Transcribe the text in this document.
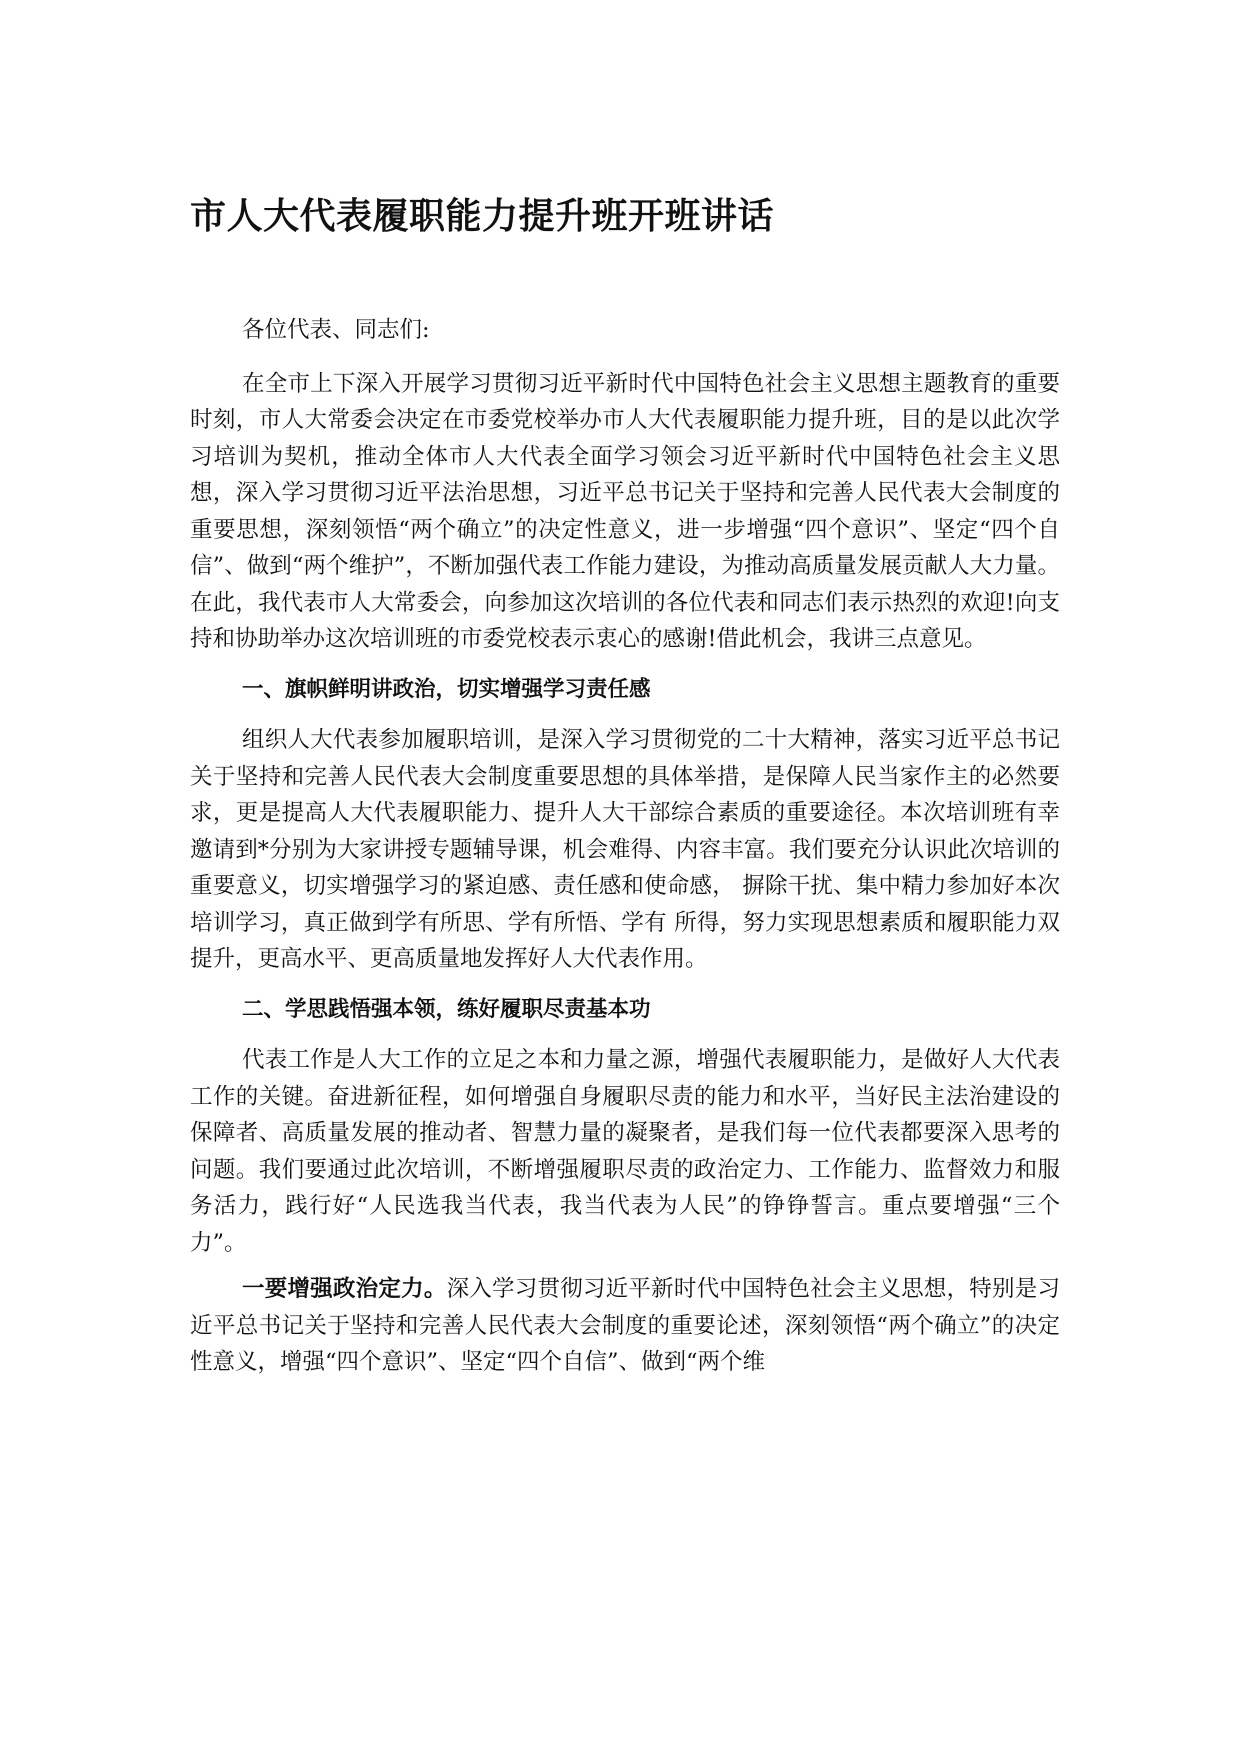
市人大代表履职能力提升班开班讲话

各位代表、同志们:

在全市上下深入开展学习贯彻习近平新时代中国特色社会主义思想主题教育的重要时刻，市人大常委会决定在市委党校举办市人大代表履职能力提升班，目的是以此次学习培训为契机，推动全体市人大代表全面学习领会习近平新时代中国特色社会主义思想，深入学习贯彻习近平法治思想，习近平总书记关于坚持和完善人民代表大会制度的重要思想，深刻领悟“两个确立”的决定性意义，进一步增强“四个意识”、坚定“四个自信”、做到“两个维护”，不断加强代表工作能力建设，为推动高质量发展贡献人大力量。在此，我代表市人大常委会，向参加这次培训的各位代表和同志们表示热烈的欢迎!向支持和协助举办这次培训班的市委党校表示衷心的感谢!借此机会，我讲三点意见。

一、旗帜鲜明讲政治，切实增强学习责任感

组织人大代表参加履职培训，是深入学习贯彻党的二十大精神，落实习近平总书记关于坚持和完善人民代表大会制度重要思想的具体举措，是保障人民当家作主的必然要求，更是提高人大代表履职能力、提升人大干部综合素质的重要途径。本次培训班有幸邀请到*分别为大家讲授专题辅导课，机会难得、内容丰富。我们要充分认识此次培训的重要意义，切实增强学习的紧迫感、责任感和使命感， 摒除干扰、集中精力参加好本次培训学习，真正做到学有所思、学有所悟、学有 所得，努力实现思想素质和履职能力双提升，更高水平、更高质量地发挥好人大代表作用。

二、学思践悟强本领，练好履职尽责基本功

代表工作是人大工作的立足之本和力量之源，增强代表履职能力，是做好人大代表工作的关键。奋进新征程，如何增强自身履职尽责的能力和水平，当好民主法治建设的保障者、高质量发展的推动者、智慧力量的凝聚者，是我们每一位代表都要深入思考的问题。我们要通过此次培训，不断增强履职尽责的政治定力、工作能力、监督效力和服务活力，践行好“人民选我当代表，我当代表为人民”的铮铮誓言。重点要增强“三个力”。

一要增强政治定力。深入学习贯彻习近平新时代中国特色社会主义思想，特别是习近平总书记关于坚持和完善人民代表大会制度的重要论述，深刻领悟“两个确立”的决定性意义，增强“四个意识”、坚定“四个自信”、做到“两个维
